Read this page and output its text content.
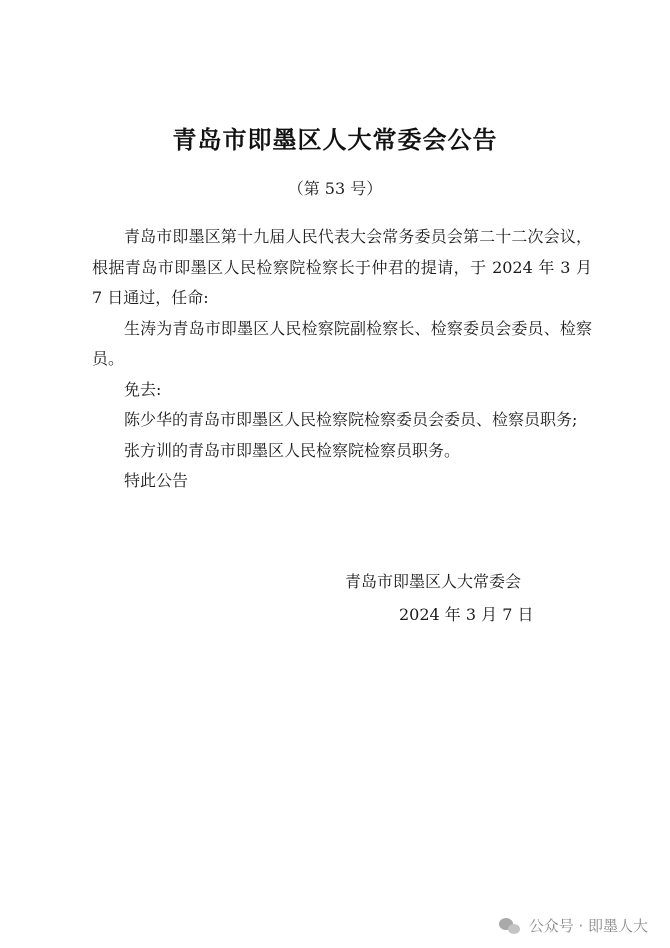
青岛市即墨区人大常委会公告
（第 53 号）

青岛市即墨区第十九届人民代表大会常务委员会第二十二次会议，根据青岛市即墨区人民检察院检察长于仲君的提请，于 2024 年 3 月 7 日通过，任命:

生涛为青岛市即墨区人民检察院副检察长、检察委员会委员、检察员。

免去:

陈少华的青岛市即墨区人民检察院检察委员会委员、检察员职务;

张方训的青岛市即墨区人民检察院检察员职务。

特此公告

青岛市即墨区人大常委会
2024 年 3 月 7 日
公众号 · 即墨人大
